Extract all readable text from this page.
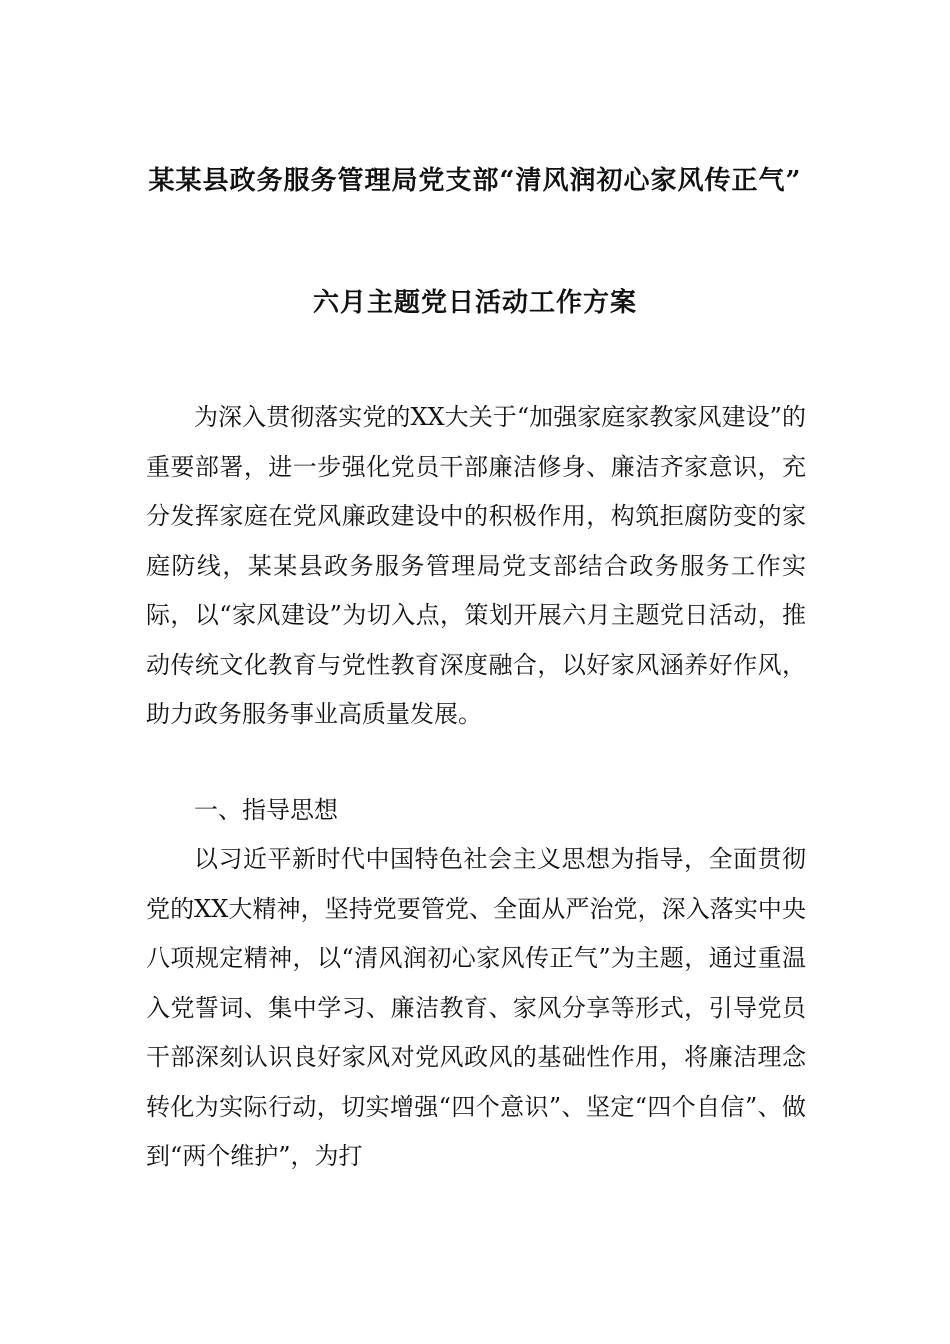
某某县政务服务管理局党支部“清风润初心家风传正气”
六月主题党日活动工作方案

为深入贯彻落实党的XX大关于“加强家庭家教家风建设”的重要部署，进一步强化党员干部廉洁修身、廉洁齐家意识，充分发挥家庭在党风廉政建设中的积极作用，构筑拒腐防变的家庭防线，某某县政务服务管理局党支部结合政务服务工作实际，以“家风建设”为切入点，策划开展六月主题党日活动，推动传统文化教育与党性教育深度融合，以好家风涵养好作风，助力政务服务事业高质量发展。

一、指导思想

以习近平新时代中国特色社会主义思想为指导，全面贯彻党的XX大精神，坚持党要管党、全面从严治党，深入落实中央八项规定精神，以“清风润初心家风传正气”为主题，通过重温入党誓词、集中学习、廉洁教育、家风分享等形式，引导党员干部深刻认识良好家风对党风政风的基础性作用，将廉洁理念转化为实际行动，切实增强“四个意识”、坚定“四个自信”、做到“两个维护”，为打
